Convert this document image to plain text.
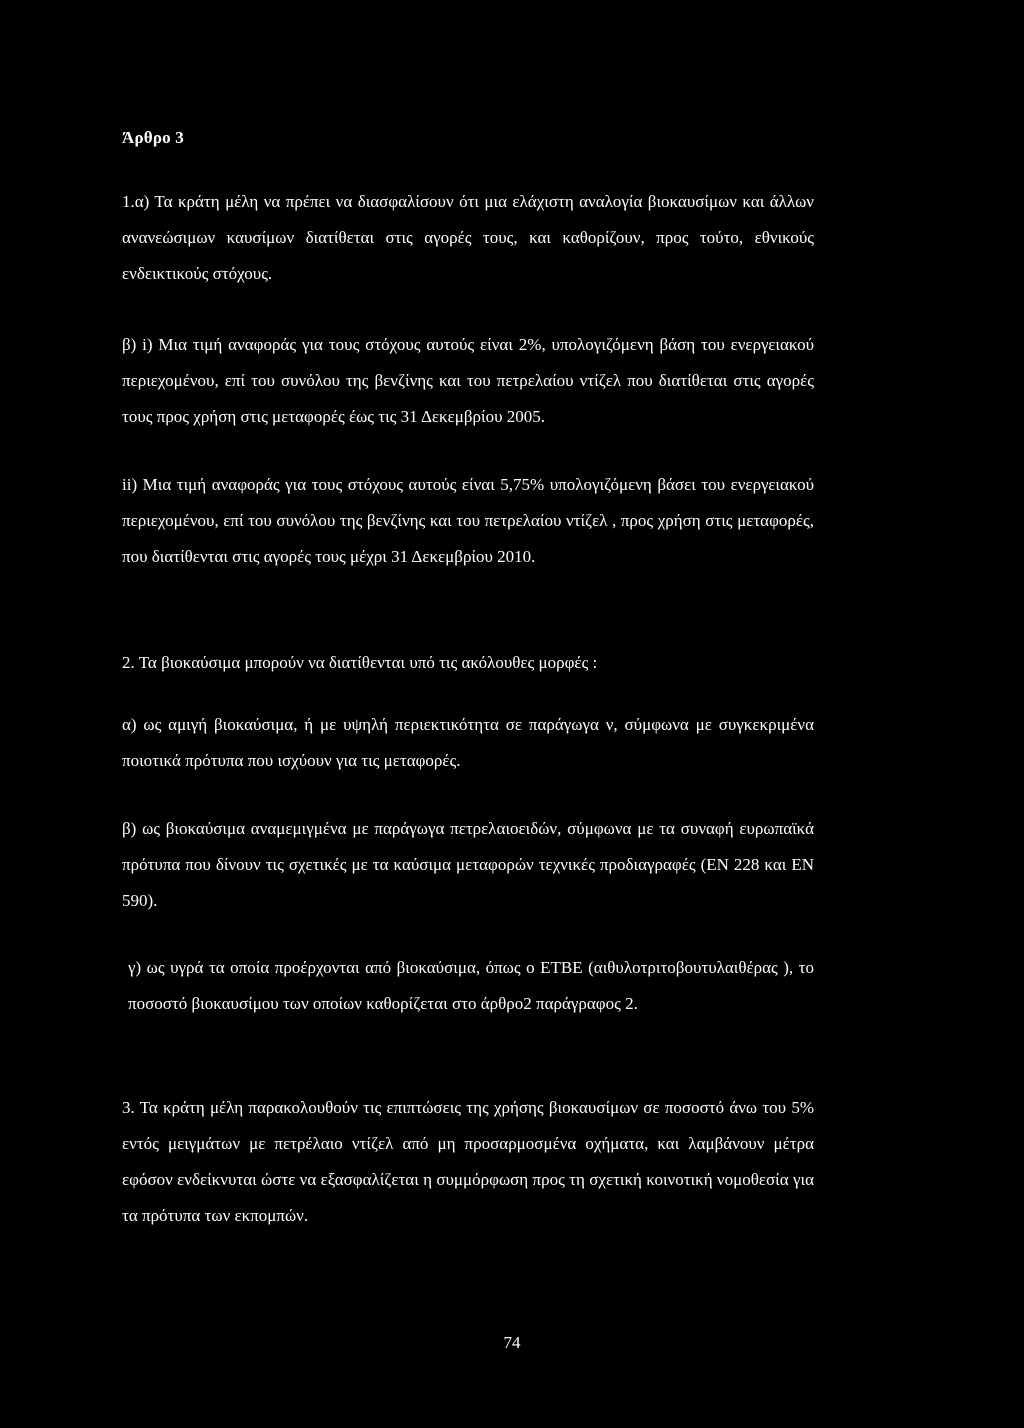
Άρθρο 3
1.α) Τα κράτη μέλη να πρέπει να διασφαλίσουν ότι μια ελάχιστη αναλογία βιοκαυσίμων και άλλων ανανεώσιμων καυσίμων διατίθεται στις αγορές τους, και καθορίζουν, προς τούτο, εθνικούς ενδεικτικούς στόχους.
β) i) Μια τιμή αναφοράς για τους στόχους αυτούς είναι 2%, υπολογιζόμενη βάση του ενεργειακού περιεχομένου, επί του συνόλου της βενζίνης και του πετρελαίου ντίζελ που διατίθεται στις αγορές τους προς χρήση στις μεταφορές έως τις 31 Δεκεμβρίου 2005.
ii) Μια τιμή αναφοράς για τους στόχους αυτούς είναι 5,75% υπολογιζόμενη βάσει του ενεργειακού περιεχομένου, επί του συνόλου της βενζίνης και του πετρελαίου ντίζελ , προς χρήση στις μεταφορές, που διατίθενται στις αγορές τους μέχρι 31 Δεκεμβρίου 2010.
2. Τα βιοκαύσιμα μπορούν να διατίθενται υπό τις ακόλουθες μορφές :
α) ως αμιγή βιοκαύσιμα, ή με υψηλή περιεκτικότητα σε παράγωγα ν, σύμφωνα με συγκεκριμένα ποιοτικά πρότυπα που ισχύουν για τις μεταφορές.
β) ως βιοκαύσιμα αναμεμιγμένα με παράγωγα πετρελαιοειδών, σύμφωνα με τα συναφή ευρωπαϊκά πρότυπα που δίνουν τις σχετικές με τα καύσιμα μεταφορών τεχνικές προδιαγραφές (ΕΝ 228 και ΕΝ 590).
γ) ως υγρά τα οποία προέρχονται από βιοκαύσιμα, όπως ο ΕΤΒΕ (αιθυλοτριτοβουτυλαιθέρας ), το ποσοστό βιοκαυσίμου των οποίων καθορίζεται στο άρθρο2 παράγραφος 2.
3. Τα κράτη μέλη παρακολουθούν τις επιπτώσεις της χρήσης βιοκαυσίμων σε ποσοστό άνω του 5% εντός μειγμάτων με πετρέλαιο ντίζελ από μη προσαρμοσμένα οχήματα, και λαμβάνουν μέτρα εφόσον ενδείκνυται ώστε να εξασφαλίζεται η συμμόρφωση προς τη σχετική κοινοτική νομοθεσία για τα πρότυπα των εκπομπών.
74
